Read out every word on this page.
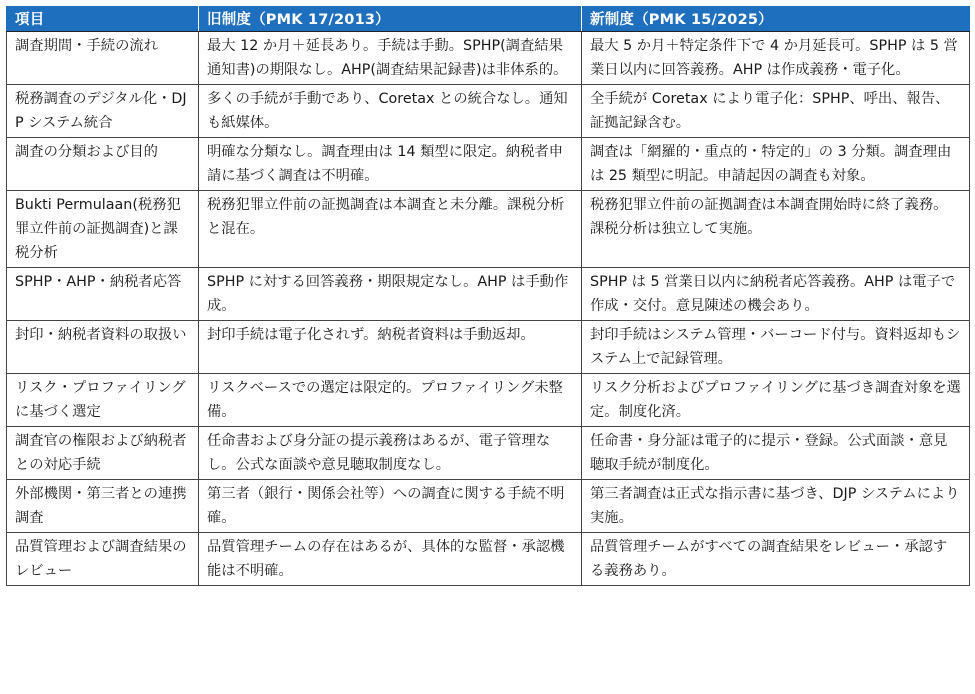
項目	旧制度（PMK 17/2013）	新制度（PMK 15/2025）
調査期間・手続の流れ	最大 12 か月＋延長あり。手続は手動。SPHP(調査結果通知書)の期限なし。AHP(調査結果記録書)は非体系的。	最大 5 か月＋特定条件下で 4 か月延長可。SPHP は 5 営業日以内に回答義務。AHP は作成義務・電子化。
税務調査のデジタル化・DJP システム統合	多くの手続が手動であり、Coretax との統合なし。通知も紙媒体。	全手続が Coretax により電子化：SPHP、呼出、報告、証拠記録含む。
調査の分類および目的	明確な分類なし。調査理由は 14 類型に限定。納税者申請に基づく調査は不明確。	調査は「網羅的・重点的・特定的」の 3 分類。調査理由は 25 類型に明記。申請起因の調査も対象。
Bukti Permulaan(税務犯罪立件前の証拠調査)と課税分析	税務犯罪立件前の証拠調査は本調査と未分離。課税分析と混在。	税務犯罪立件前の証拠調査は本調査開始時に終了義務。課税分析は独立して実施。
SPHP・AHP・納税者応答	SPHP に対する回答義務・期限規定なし。AHP は手動作成。	SPHP は 5 営業日以内に納税者応答義務。AHP は電子で作成・交付。意見陳述の機会あり。
封印・納税者資料の取扱い	封印手続は電子化されず。納税者資料は手動返却。	封印手続はシステム管理・バーコード付与。資料返却もシステム上で記録管理。
リスク・プロファイリングに基づく選定	リスクベースでの選定は限定的。プロファイリング未整備。	リスク分析およびプロファイリングに基づき調査対象を選定。制度化済。
調査官の権限および納税者との対応手続	任命書および身分証の提示義務はあるが、電子管理なし。公式な面談や意見聴取制度なし。	任命書・身分証は電子的に提示・登録。公式面談・意見聴取手続が制度化。
外部機関・第三者との連携調査	第三者（銀行・関係会社等）への調査に関する手続不明確。	第三者調査は正式な指示書に基づき、DJP システムにより実施。
品質管理および調査結果のレビュー	品質管理チームの存在はあるが、具体的な監督・承認機能は不明確。	品質管理チームがすべての調査結果をレビュー・承認する義務あり。
